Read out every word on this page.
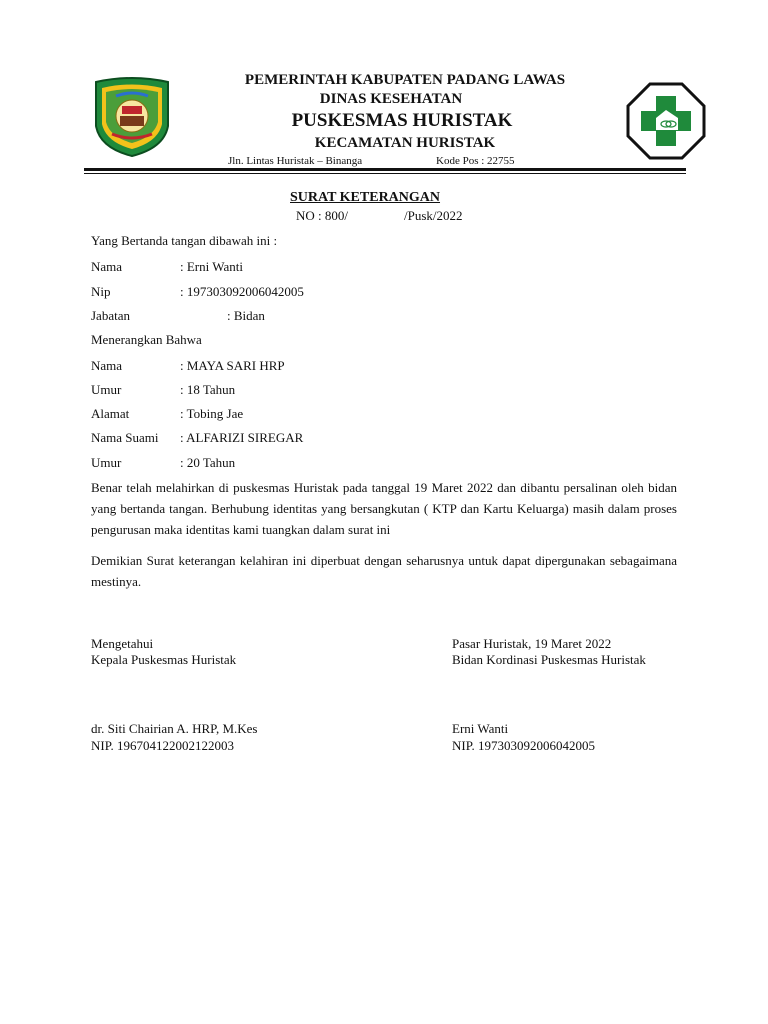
PEMERINTAH KABUPATEN PADANG LAWAS
DINAS KESEHATAN
PUSKESMAS HURISTAK
KECAMATAN HURISTAK
Jln. Lintas Huristak – Binanga	Kode Pos : 22755
SURAT KETERANGAN
NO : 800/	/Pusk/2022
Yang Bertanda tangan dibawah ini :
Nama	: Erni Wanti
Nip	: 197303092006042005
Jabatan	: Bidan
Menerangkan Bahwa
Nama	: MAYA SARI HRP
Umur	: 18 Tahun
Alamat	: Tobing Jae
Nama Suami : ALFARIZI SIREGAR
Umur	: 20 Tahun
Benar telah melahirkan di puskesmas Huristak pada tanggal 19 Maret 2022 dan dibantu persalinan oleh bidan yang bertanda tangan. Berhubung identitas yang bersangkutan ( KTP dan Kartu Keluarga) masih dalam proses pengurusan maka identitas kami tuangkan dalam surat ini
Demikian Surat keterangan kelahiran ini diperbuat dengan seharusnya untuk dapat dipergunakan sebagaimana mestinya.
Mengetahui
Kepala Puskesmas Huristak
dr. Siti Chairian A. HRP, M.Kes
NIP. 196704122002122003
Pasar Huristak, 19 Maret 2022
Bidan Kordinasi Puskesmas Huristak
Erni Wanti
NIP. 197303092006042005
